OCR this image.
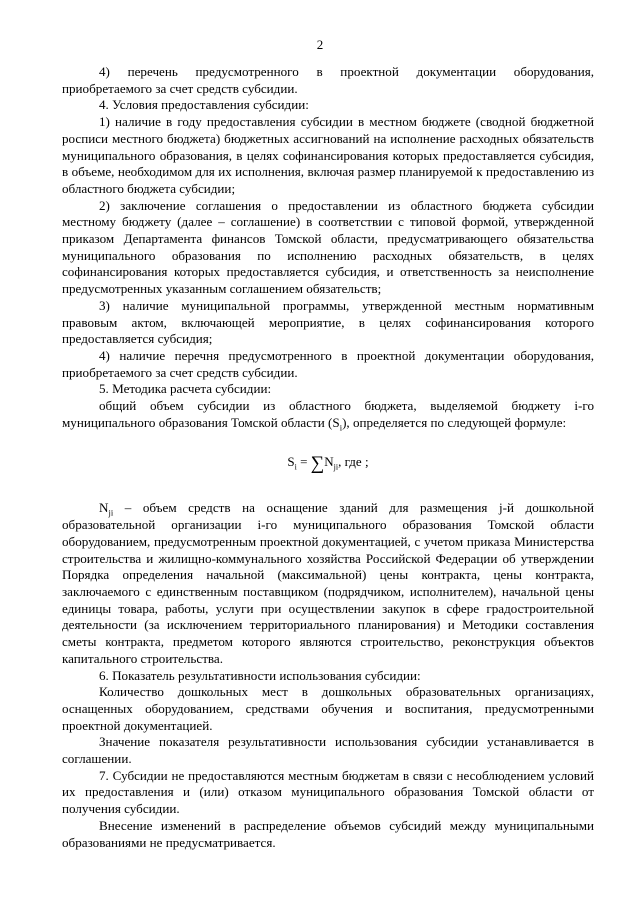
2

4) перечень предусмотренного в проектной документации оборудования, приобретаемого за счет средств субсидии.

4. Условия предоставления субсидии:

1) наличие в году предоставления субсидии в местном бюджете (сводной бюджетной росписи местного бюджета) бюджетных ассигнований на исполнение расходных обязательств муниципального образования, в целях софинансирования которых предоставляется субсидия, в объеме, необходимом для их исполнения, включая размер планируемой к предоставлению из областного бюджета субсидии;

2) заключение соглашения о предоставлении из областного бюджета субсидии местному бюджету (далее – соглашение) в соответствии с типовой формой, утвержденной приказом Департамента финансов Томской области, предусматривающего обязательства муниципального образования по исполнению расходных обязательств, в целях софинансирования которых предоставляется субсидия, и ответственность за неисполнение предусмотренных указанным соглашением обязательств;

3) наличие муниципальной программы, утвержденной местным нормативным правовым актом, включающей мероприятие, в целях софинансирования которого предоставляется субсидия;

4) наличие перечня предусмотренного в проектной документации оборудования, приобретаемого за счет средств субсидии.

5. Методика расчета субсидии:

общий объем субсидии из областного бюджета, выделяемой бюджету i-го муниципального образования Томской области $(S_i)$, определяется по следующей формуле:

$S_i = \sum N_{ji}$, где ;

$N_{ji}$ – объем средств на оснащение зданий для размещения j-й дошкольной образовательной организации i-го муниципального образования Томской области оборудованием, предусмотренным проектной документацией, с учетом приказа Министерства строительства и жилищно-коммунального хозяйства Российской Федерации об утверждении Порядка определения начальной (максимальной) цены контракта, цены контракта, заключаемого с единственным поставщиком (подрядчиком, исполнителем), начальной цены единицы товара, работы, услуги при осуществлении закупок в сфере градостроительной деятельности (за исключением территориального планирования) и Методики составления сметы контракта, предметом которого являются строительство, реконструкция объектов капитального строительства.

6. Показатель результативности использования субсидии:

Количество дошкольных мест в дошкольных образовательных организациях, оснащенных оборудованием, средствами обучения и воспитания, предусмотренными проектной документацией.

Значение показателя результативности использования субсидии устанавливается в соглашении.

7. Субсидии не предоставляются местным бюджетам в связи с несоблюдением условий их предоставления и (или) отказом муниципального образования Томской области от получения субсидии.

Внесение изменений в распределение объемов субсидий между муниципальными образованиями не предусматривается.
